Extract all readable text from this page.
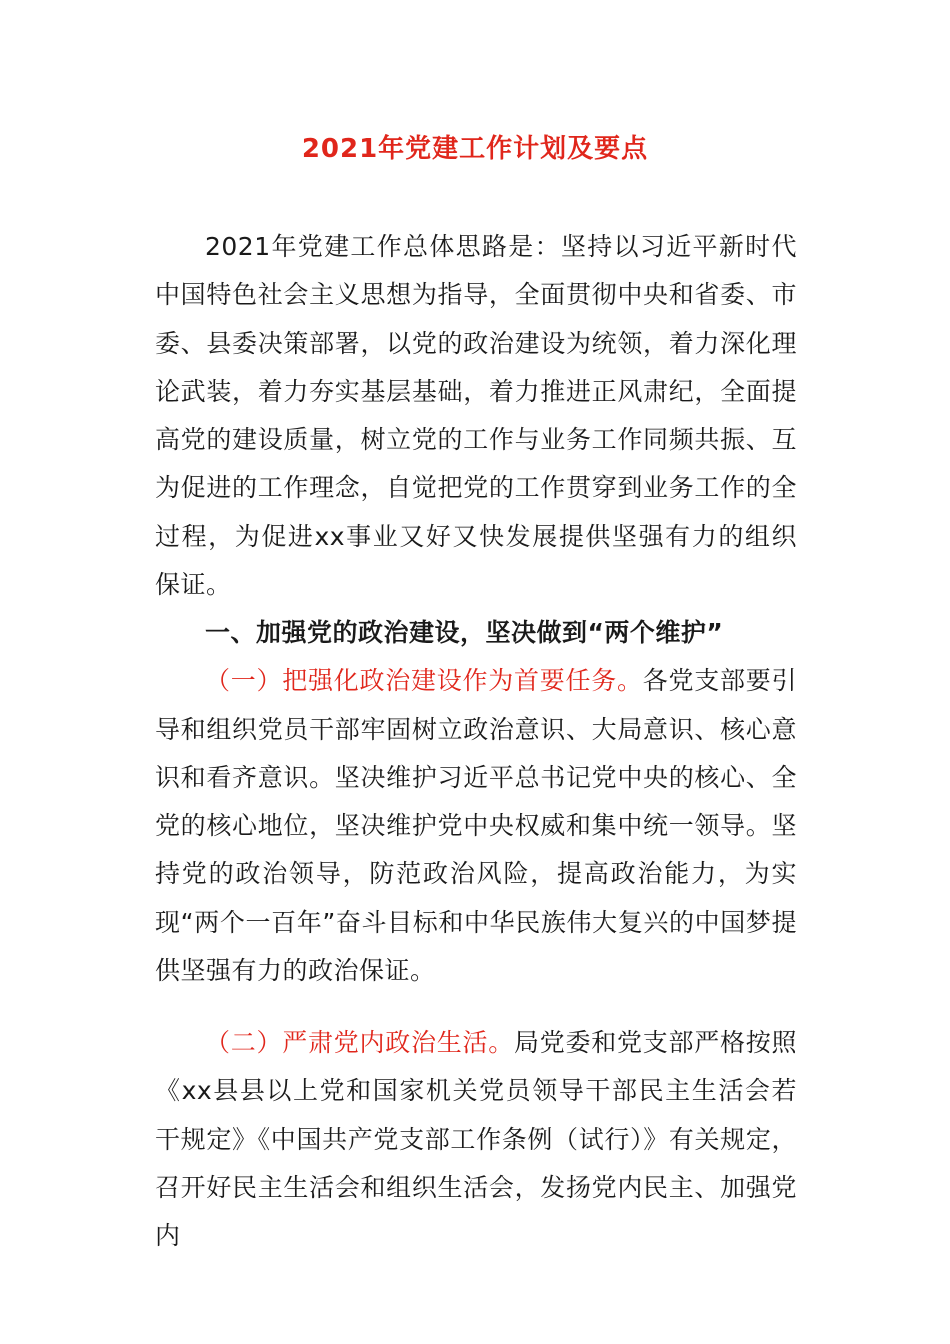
2021年党建工作计划及要点

2021年党建工作总体思路是：坚持以习近平新时代中国特色社会主义思想为指导，全面贯彻中央和省委、市委、县委决策部署，以党的政治建设为统领，着力深化理论武装，着力夯实基层基础，着力推进正风肃纪，全面提高党的建设质量，树立党的工作与业务工作同频共振、互为促进的工作理念，自觉把党的工作贯穿到业务工作的全过程，为促进xx事业又好又快发展提供坚强有力的组织保证。

一、加强党的政治建设，坚决做到“两个维护”

（一）把强化政治建设作为首要任务。各党支部要引导和组织党员干部牢固树立政治意识、大局意识、核心意识和看齐意识。坚决维护习近平总书记党中央的核心、全党的核心地位，坚决维护党中央权威和集中统一领导。坚持党的政治领导，防范政治风险，提高政治能力，为实现“两个一百年”奋斗目标和中华民族伟大复兴的中国梦提供坚强有力的政治保证。

（二）严肃党内政治生活。局党委和党支部严格按照《xx县县以上党和国家机关党员领导干部民主生活会若干规定》《中国共产党支部工作条例（试行）》有关规定，召开好民主生活会和组织生活会，发扬党内民主、加强党内
